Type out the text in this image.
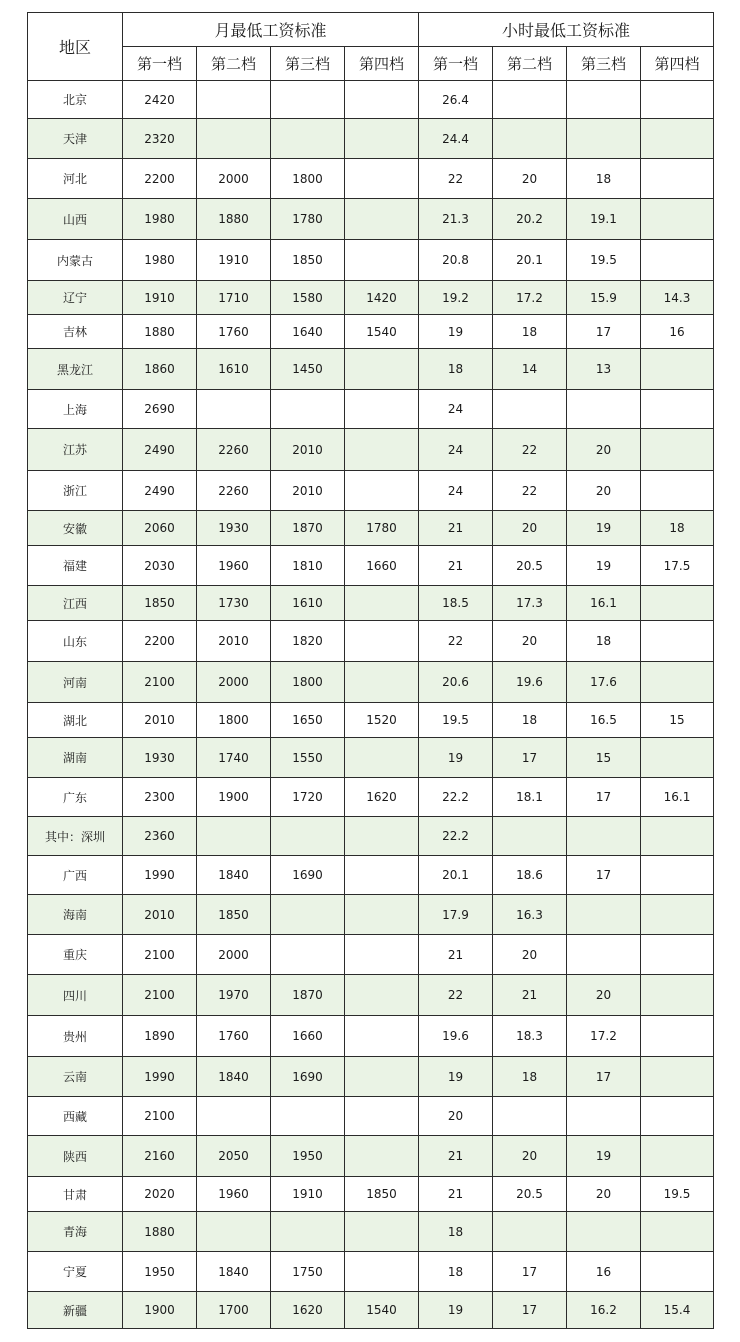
地区	月最低工资标准				小时最低工资标准			
	第一档	第二档	第三档	第四档	第一档	第二档	第三档	第四档
北京	2420				26.4			
天津	2320				24.4			
河北	2200	2000	1800		22	20	18	
山西	1980	1880	1780		21.3	20.2	19.1	
内蒙古	1980	1910	1850		20.8	20.1	19.5	
辽宁	1910	1710	1580	1420	19.2	17.2	15.9	14.3
吉林	1880	1760	1640	1540	19	18	17	16
黑龙江	1860	1610	1450		18	14	13	
上海	2690				24			
江苏	2490	2260	2010		24	22	20	
浙江	2490	2260	2010		24	22	20	
安徽	2060	1930	1870	1780	21	20	19	18
福建	2030	1960	1810	1660	21	20.5	19	17.5
江西	1850	1730	1610		18.5	17.3	16.1	
山东	2200	2010	1820		22	20	18	
河南	2100	2000	1800		20.6	19.6	17.6	
湖北	2010	1800	1650	1520	19.5	18	16.5	15
湖南	1930	1740	1550		19	17	15	
广东	2300	1900	1720	1620	22.2	18.1	17	16.1
其中：深圳	2360				22.2			
广西	1990	1840	1690		20.1	18.6	17	
海南	2010	1850			17.9	16.3		
重庆	2100	2000			21	20		
四川	2100	1970	1870		22	21	20	
贵州	1890	1760	1660		19.6	18.3	17.2	
云南	1990	1840	1690		19	18	17	
西藏	2100				20			
陕西	2160	2050	1950		21	20	19	
甘肃	2020	1960	1910	1850	21	20.5	20	19.5
青海	1880				18			
宁夏	1950	1840	1750		18	17	16	
新疆	1900	1700	1620	1540	19	17	16.2	15.4
